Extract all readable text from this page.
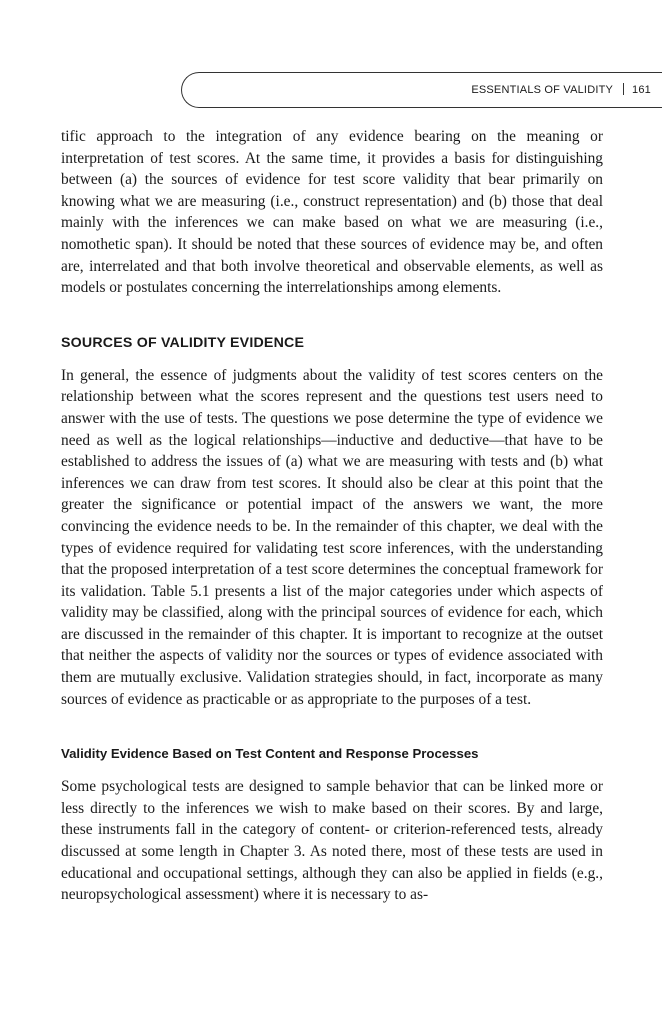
ESSENTIALS OF VALIDITY 161

tific approach to the integration of any evidence bearing on the meaning or interpretation of test scores. At the same time, it provides a basis for distinguishing between (a) the sources of evidence for test score validity that bear primarily on knowing what we are measuring (i.e., construct representation) and (b) those that deal mainly with the inferences we can make based on what we are measuring (i.e., nomothetic span). It should be noted that these sources of evidence may be, and often are, interrelated and that both involve theoretical and observable elements, as well as models or postulates concerning the interrelationships among elements.

SOURCES OF VALIDITY EVIDENCE

In general, the essence of judgments about the validity of test scores centers on the relationship between what the scores represent and the questions test users need to answer with the use of tests. The questions we pose determine the type of evidence we need as well as the logical relationships—inductive and deductive—that have to be established to address the issues of (a) what we are measuring with tests and (b) what inferences we can draw from test scores. It should also be clear at this point that the greater the significance or potential impact of the answers we want, the more convincing the evidence needs to be. In the remainder of this chapter, we deal with the types of evidence required for validating test score inferences, with the understanding that the proposed interpretation of a test score determines the conceptual framework for its validation. Table 5.1 presents a list of the major categories under which aspects of validity may be classified, along with the principal sources of evidence for each, which are discussed in the remainder of this chapter. It is important to recognize at the outset that neither the aspects of validity nor the sources or types of evidence associated with them are mutually exclusive. Validation strategies should, in fact, incorporate as many sources of evidence as practicable or as appropriate to the purposes of a test.

Validity Evidence Based on Test Content and Response Processes

Some psychological tests are designed to sample behavior that can be linked more or less directly to the inferences we wish to make based on their scores. By and large, these instruments fall in the category of content- or criterion-referenced tests, already discussed at some length in Chapter 3. As noted there, most of these tests are used in educational and occupational settings, although they can also be applied in fields (e.g., neuropsychological assessment) where it is necessary to as-
